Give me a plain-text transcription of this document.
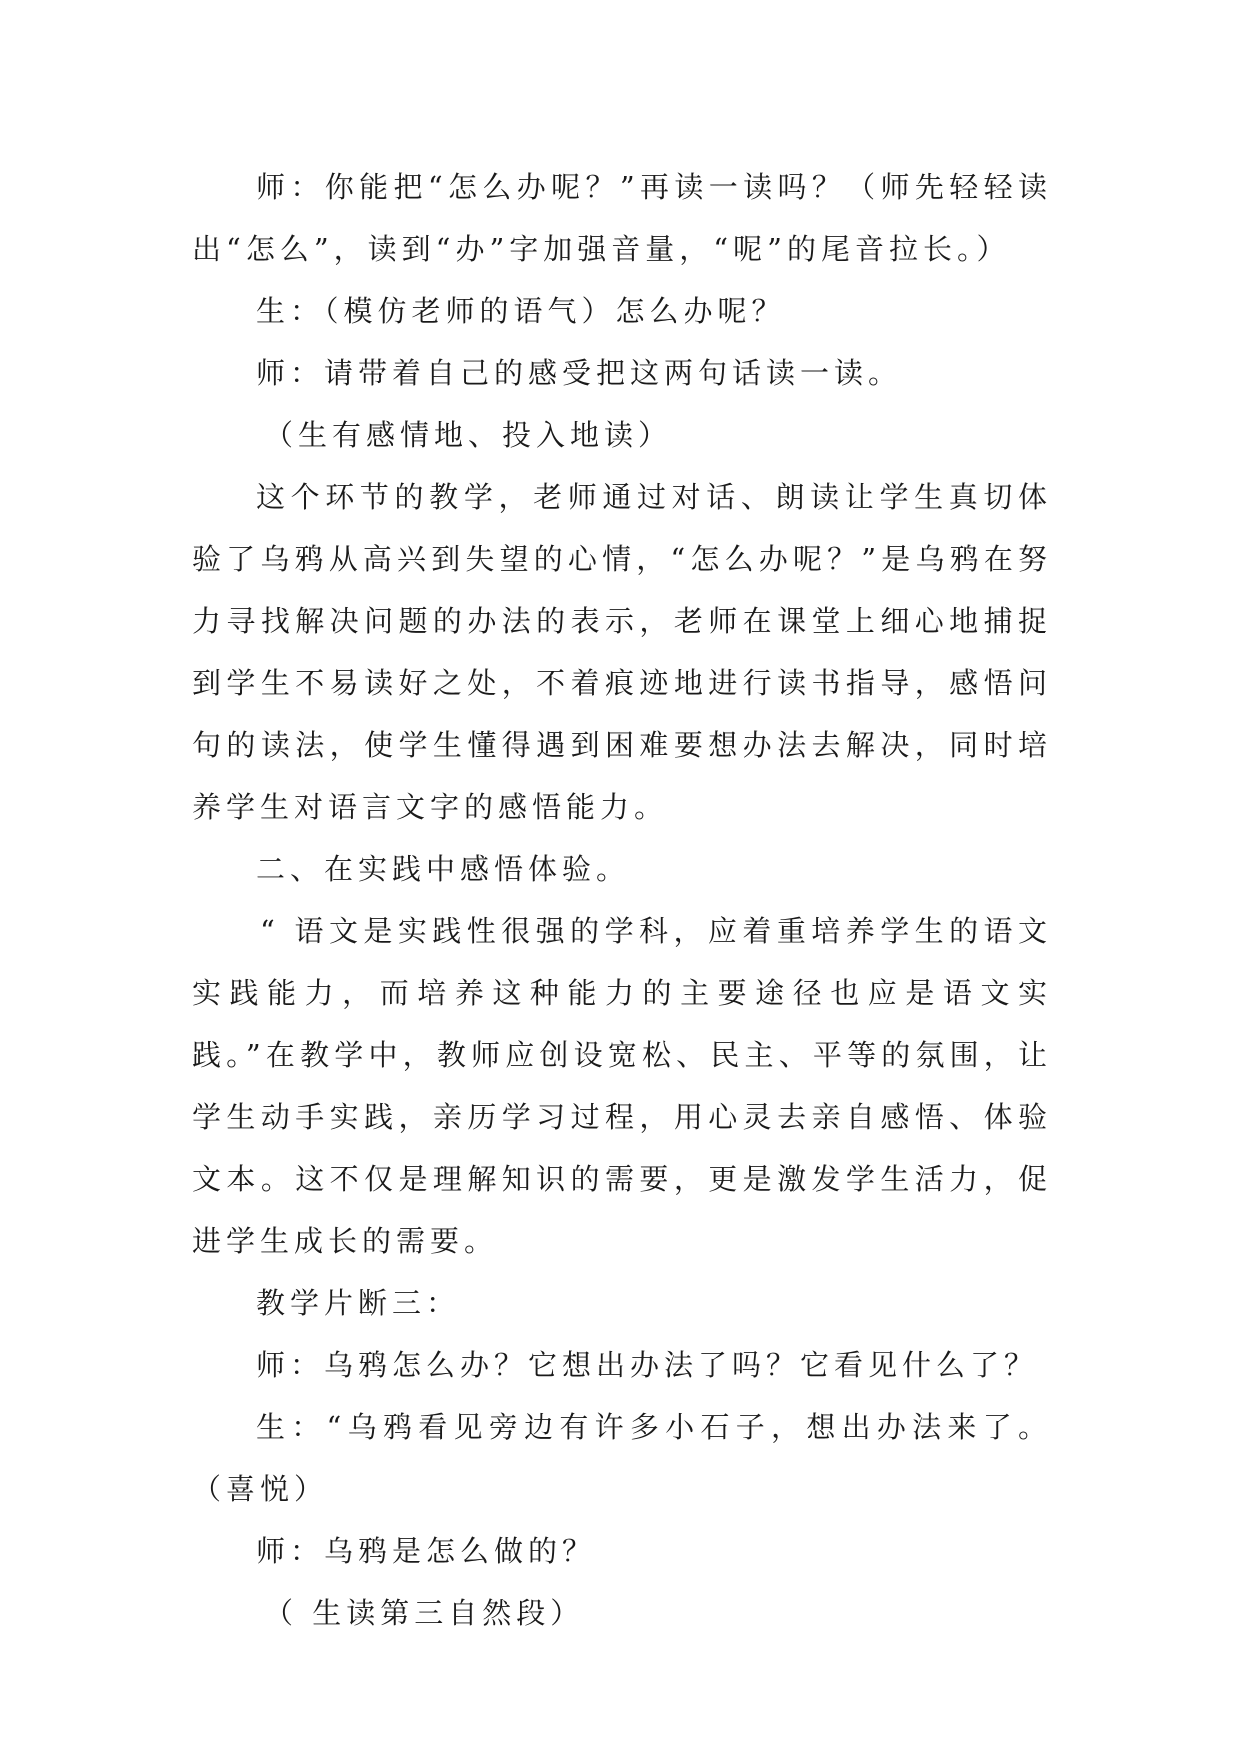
师：你能把“怎么办呢？”再读一读吗？（师先轻轻读出“怎么”，读到“办”字加强音量，“呢”的尾音拉长。）

生：（模仿老师的语气）怎么办呢？

师：请带着自己的感受把这两句话读一读。

（生有感情地、投入地读）

这个环节的教学，老师通过对话、朗读让学生真切体验了乌鸦从高兴到失望的心情，“怎么办呢？”是乌鸦在努力寻找解决问题的办法的表示，老师在课堂上细心地捕捉到学生不易读好之处，不着痕迹地进行读书指导，感悟问句的读法，使学生懂得遇到困难要想办法去解决，同时培养学生对语言文字的感悟能力。

二、在实践中感悟体验。

“ 语文是实践性很强的学科，应着重培养学生的语文实践能力，而培养这种能力的主要途径也应是语文实践。”在教学中，教师应创设宽松、民主、平等的氛围，让学生动手实践，亲历学习过程，用心灵去亲自感悟、体验文本。这不仅是理解知识的需要，更是激发学生活力，促进学生成长的需要。

教学片断三：

师：乌鸦怎么办？它想出办法了吗？它看见什么了？

生：“乌鸦看见旁边有许多小石子，想出办法来了。（喜悦）

师：乌鸦是怎么做的？

（ 生读第三自然段）
